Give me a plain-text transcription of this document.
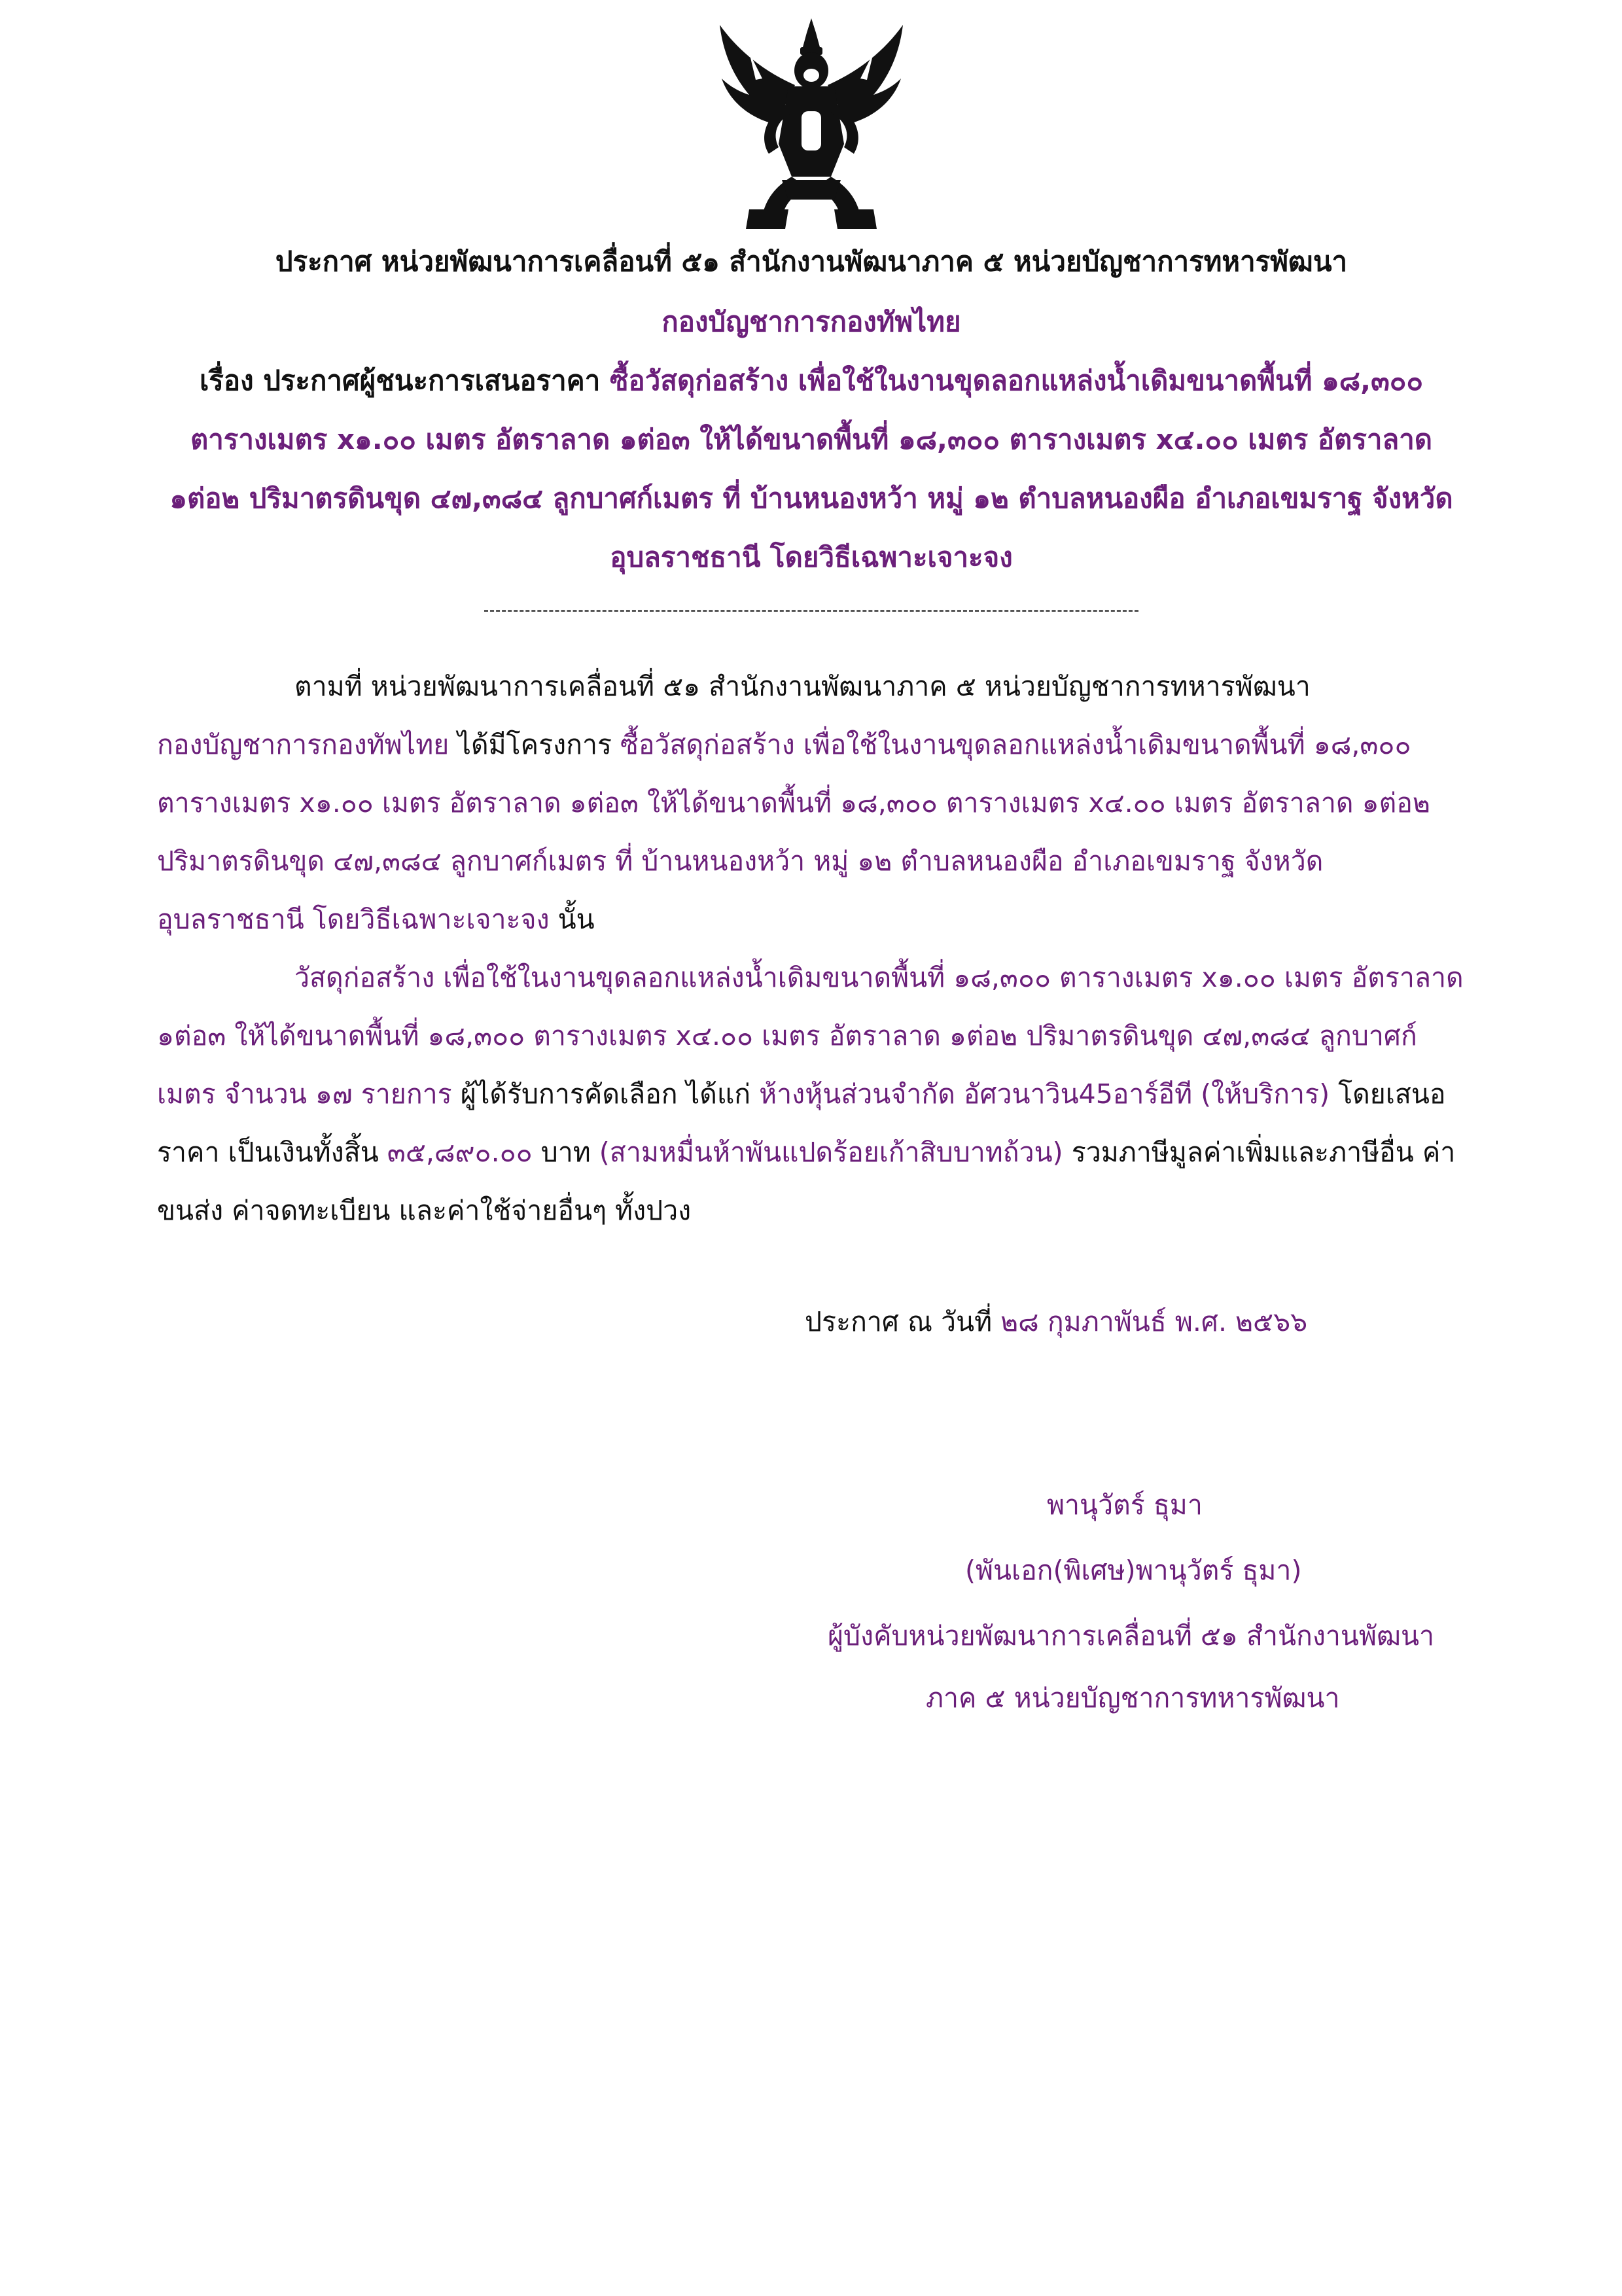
ประกาศ หน่วยพัฒนาการเคลื่อนที่ ๕๑ สำนักงานพัฒนาภาค ๕ หน่วยบัญชาการทหารพัฒนา
กองบัญชาการกองทัพไทย
เรื่อง ประกาศผู้ชนะการเสนอราคา ซื้อวัสดุก่อสร้าง เพื่อใช้ในงานขุดลอกแหล่งน้ำเดิมขนาดพื้นที่ ๑๘,๓๐๐
ตารางเมตร x๑.๐๐ เมตร อัตราลาด ๑ต่อ๓ ให้ได้ขนาดพื้นที่ ๑๘,๓๐๐ ตารางเมตร x๔.๐๐ เมตร อัตราลาด
๑ต่อ๒ ปริมาตรดินขุด ๔๗,๓๘๔ ลูกบาศก์เมตร ที่ บ้านหนองหว้า หมู่ ๑๒ ตำบลหนองผือ อำเภอเขมราฐ จังหวัด
อุบลราชธานี โดยวิธีเฉพาะเจาะจง
ตามที่ หน่วยพัฒนาการเคลื่อนที่ ๕๑ สำนักงานพัฒนาภาค ๕ หน่วยบัญชาการทหารพัฒนา
กองบัญชาการกองทัพไทย ได้มีโครงการ ซื้อวัสดุก่อสร้าง เพื่อใช้ในงานขุดลอกแหล่งน้ำเดิมขนาดพื้นที่ ๑๘,๓๐๐
ตารางเมตร x๑.๐๐ เมตร อัตราลาด ๑ต่อ๓ ให้ได้ขนาดพื้นที่ ๑๘,๓๐๐ ตารางเมตร x๔.๐๐ เมตร อัตราลาด ๑ต่อ๒
ปริมาตรดินขุด ๔๗,๓๘๔ ลูกบาศก์เมตร ที่ บ้านหนองหว้า หมู่ ๑๒ ตำบลหนองผือ อำเภอเขมราฐ จังหวัด
อุบลราชธานี โดยวิธีเฉพาะเจาะจง นั้น
วัสดุก่อสร้าง เพื่อใช้ในงานขุดลอกแหล่งน้ำเดิมขนาดพื้นที่ ๑๘,๓๐๐ ตารางเมตร x๑.๐๐ เมตร อัตราลาด
๑ต่อ๓ ให้ได้ขนาดพื้นที่ ๑๘,๓๐๐ ตารางเมตร x๔.๐๐ เมตร อัตราลาด ๑ต่อ๒ ปริมาตรดินขุด ๔๗,๓๘๔ ลูกบาศก์
เมตร จำนวน ๑๗ รายการ ผู้ได้รับการคัดเลือก ได้แก่ ห้างหุ้นส่วนจำกัด อัศวนาวิน45อาร์อีที (ให้บริการ) โดยเสนอ
ราคา เป็นเงินทั้งสิ้น ๓๕,๘๙๐.๐๐ บาท (สามหมื่นห้าพันแปดร้อยเก้าสิบบาทถ้วน) รวมภาษีมูลค่าเพิ่มและภาษีอื่น ค่า
ขนส่ง ค่าจดทะเบียน และค่าใช้จ่ายอื่นๆ ทั้งปวง
ประกาศ ณ วันที่ ๒๘ กุมภาพันธ์ พ.ศ. ๒๕๖๖
พานุวัตร์ ธุมา
(พันเอก(พิเศษ)พานุวัตร์ ธุมา)
ผู้บังคับหน่วยพัฒนาการเคลื่อนที่ ๕๑ สำนักงานพัฒนา
ภาค ๕ หน่วยบัญชาการทหารพัฒนา
